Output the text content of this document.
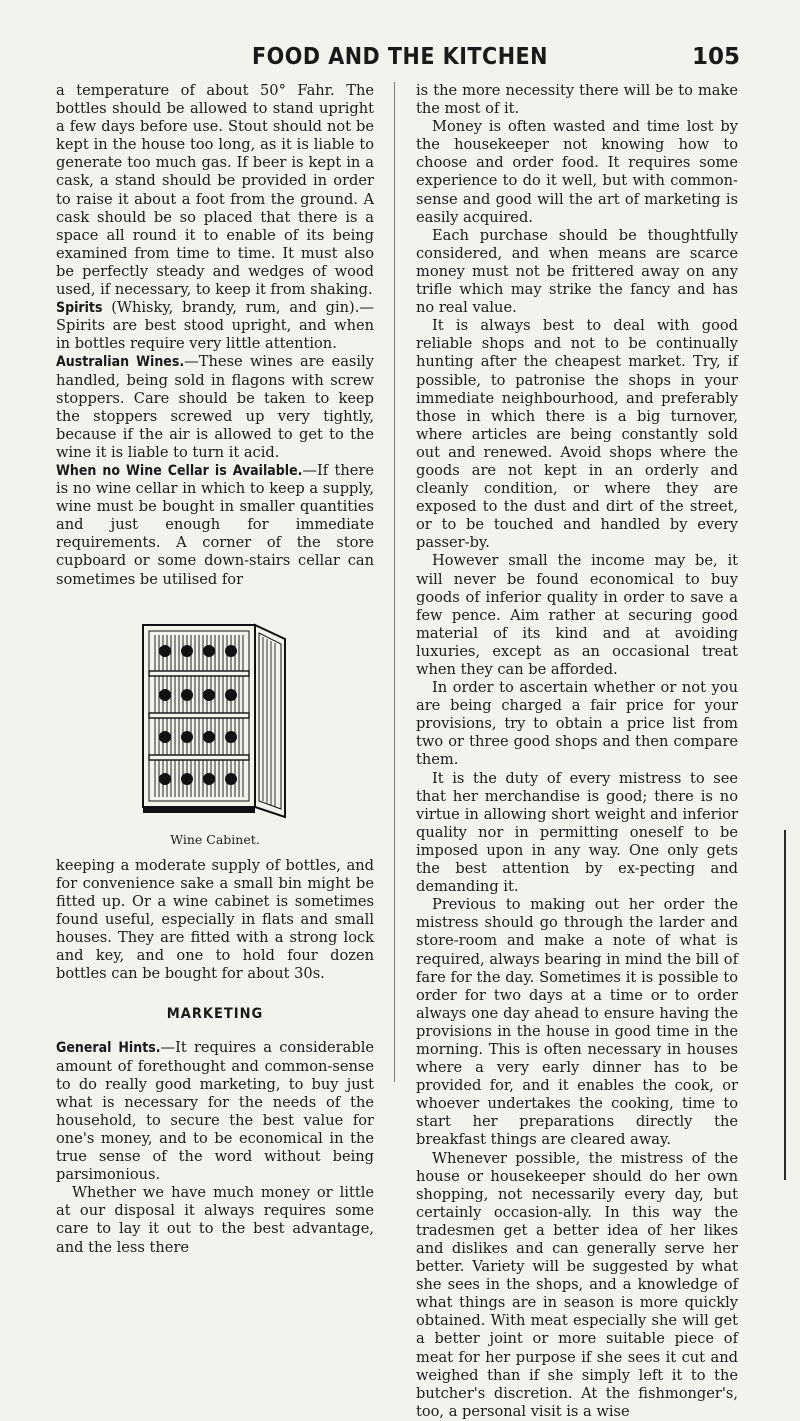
FOOD AND THE KITCHEN	105

a temperature of about 50° Fahr. The bottles should be allowed to stand upright a few days before use. Stout should not be kept in the house too long, as it is liable to generate too much gas. If beer is kept in a cask, a stand should be provided in order to raise it about a foot from the ground. A cask should be so placed that there is a space all round it to enable of its being examined from time to time. It must also be perfectly steady and wedges of wood used, if necessary, to keep it from shaking.

Spirits (Whisky, brandy, rum, and gin).—Spirits are best stood upright, and when in bottles require very little attention.

Australian Wines.—These wines are easily handled, being sold in flagons with screw stoppers. Care should be taken to keep the stoppers screwed up very tightly, because if the air is allowed to get to the wine it is liable to turn it acid.

When no Wine Cellar is Available.—If there is no wine cellar in which to keep a supply, wine must be bought in smaller quantities and just enough for immediate requirements. A corner of the store cupboard or some down-stairs cellar can sometimes be utilised for

Wine Cabinet.

keeping a moderate supply of bottles, and for convenience sake a small bin might be fitted up. Or a wine cabinet is sometimes found useful, especially in flats and small houses. They are fitted with a strong lock and key, and one to hold four dozen bottles can be bought for about 30s.

MARKETING

General Hints.—It requires a considerable amount of forethought and common-sense to do really good marketing, to buy just what is necessary for the needs of the household, to secure the best value for one's money, and to be economical in the true sense of the word without being parsimonious.

Whether we have much money or little at our disposal it always requires some care to lay it out to the best advantage, and the less there

is the more necessity there will be to make the most of it.

Money is often wasted and time lost by the housekeeper not knowing how to choose and order food. It requires some experience to do it well, but with common-sense and good will the art of marketing is easily acquired.

Each purchase should be thoughtfully considered, and when means are scarce money must not be frittered away on any trifle which may strike the fancy and has no real value.

It is always best to deal with good reliable shops and not to be continually hunting after the cheapest market. Try, if possible, to patronise the shops in your immediate neighbourhood, and preferably those in which there is a big turnover, where articles are being constantly sold out and renewed. Avoid shops where the goods are not kept in an orderly and cleanly condition, or where they are exposed to the dust and dirt of the street, or to be touched and handled by every passer-by.

However small the income may be, it will never be found economical to buy goods of inferior quality in order to save a few pence. Aim rather at securing good material of its kind and at avoiding luxuries, except as an occasional treat when they can be afforded.

In order to ascertain whether or not you are being charged a fair price for your provisions, try to obtain a price list from two or three good shops and then compare them.

It is the duty of every mistress to see that her merchandise is good; there is no virtue in allowing short weight and inferior quality nor in permitting oneself to be imposed upon in any way. One only gets the best attention by ex-pecting and demanding it.

Previous to making out her order the mistress should go through the larder and store-room and make a note of what is required, always bearing in mind the bill of fare for the day. Sometimes it is possible to order for two days at a time or to order always one day ahead to ensure having the provisions in the house in good time in the morning. This is often necessary in houses where a very early dinner has to be provided for, and it enables the cook, or whoever undertakes the cooking, time to start her preparations directly the breakfast things are cleared away.

Whenever possible, the mistress of the house or housekeeper should do her own shopping, not necessarily every day, but certainly occasion-ally. In this way the tradesmen get a better idea of her likes and dislikes and can generally serve her better. Variety will be suggested by what she sees in the shops, and a knowledge of what things are in season is more quickly obtained. With meat especially she will get a better joint or more suitable piece of meat for her purpose if she sees it cut and weighed than if she simply left it to the butcher's discretion. At the fishmonger's, too, a personal visit is a wise
